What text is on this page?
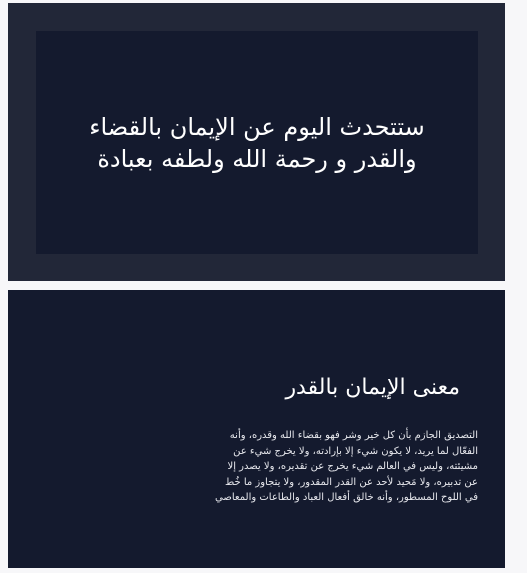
ستتحدث اليوم عن الإيمان بالقضاء والقدر و رحمة الله ولطفه بعبادة
معنى الإيمان بالقدر

التصديق الجازم بأن كل خير وشر فهو بقضاء الله وقدره، وأنه الفعّال لما يريد، لا يكون شيء إلا بإرادته، ولا يخرج شيء عن مشيئته، وليس في العالم شيء يخرج عن تقديره، ولا يصدر إلا عن تدبيره، ولا مَحيد لأحد عن القدر المقدور، ولا يتجاوز ما خُط في اللوح المسطور، وأنه خالق أفعال العباد والطاعات والمعاصي
